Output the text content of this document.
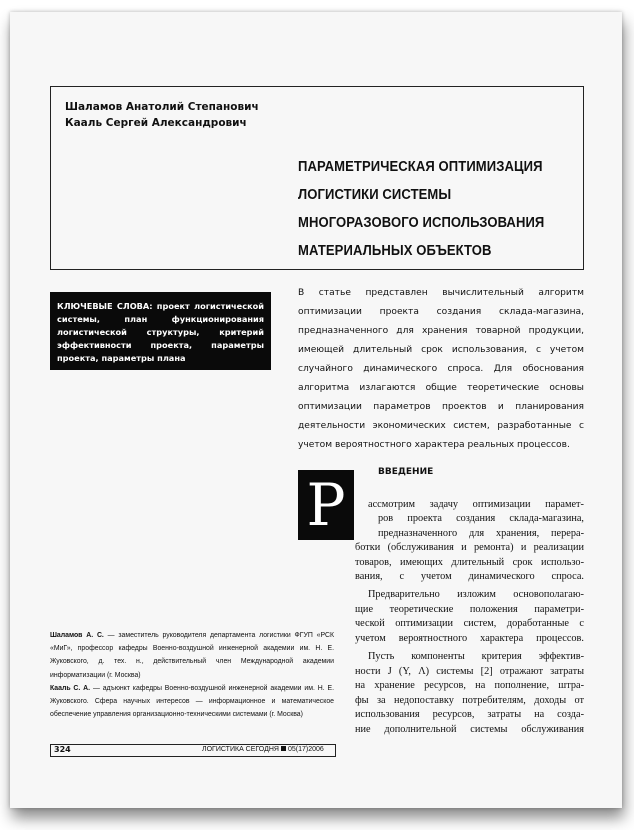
Шаламов Анатолий Степанович
Кааль Сергей Александрович
ПАРАМЕТРИЧЕСКАЯ ОПТИМИЗАЦИЯ
ЛОГИСТИКИ СИСТЕМЫ
МНОГОРАЗОВОГО ИСПОЛЬЗОВАНИЯ
МАТЕРИАЛЬНЫХ ОБЪЕКТОВ
КЛЮЧЕВЫЕ СЛОВА: проект логистической системы, план функционирования логистической структуры, критерий эффективности проекта, параметры проекта, параметры плана
В статье представлен вычислительный алгоритм оптимизации проекта создания склада-магазина, предназначенного для хранения товарной продукции, имеющей длительный срок использования, с учетом случайного динамического спроса. Для обоснования алгоритма излагаются общие теоретические основы оптимизации параметров проектов и планирования деятельности экономических систем, разработанные с учетом вероятностного характера реальных процессов.
Р	ВВЕДЕНИЕ
ассмотрим задачу оптимизации парамет-
ров проекта создания склада-магазина,
предназначенного для хранения, перера-
ботки (обслуживания и ремонта) и реализации
товаров, имеющих длительный срок использо-
вания, с учетом динамического спроса.
Предварительно изложим основополагаю-
щие теоретические положения параметри-
ческой оптимизации систем, доработанные с
учетом вероятностного характера процессов.
Пусть компоненты критерия эффектив-
ности J (Y, Λ) системы [2] отражают затраты
на хранение ресурсов, на пополнение, штра-
фы за недопоставку потребителям, доходы от
использования ресурсов, затраты на созда-
ние дополнительной системы обслуживания
Шаламов А. С. — заместитель руководителя департамента логистики ФГУП «РСК «МиГ», профессор кафедры Военно-воздушной инженерной академии им. Н. Е. Жуковского, д. тех. н., действительный член Международной академии информатизации (г. Москва)
Кааль С. А. — адъюнкт кафедры Военно-воздушной инженерной академии им. Н. Е. Жуковского. Сфера научных интересов — информационное и математическое обеспечение управления организационно-техническими системами (г. Москва)
324	ЛОГИСТИКА СЕГОДНЯ 05(17)2006
